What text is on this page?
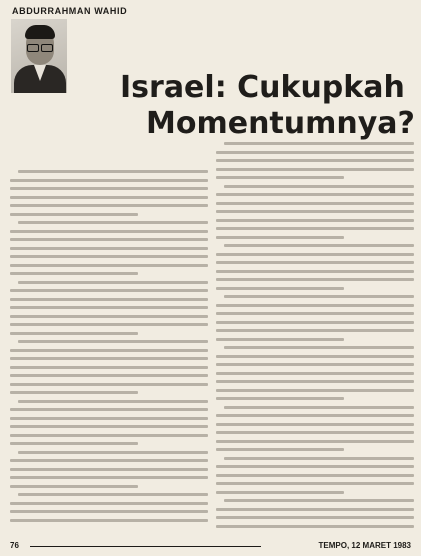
ABDURRAHMAN WAHID
Israel: Cukupkah
Momentumnya?
76	TEMPO, 12 MARET 1983
